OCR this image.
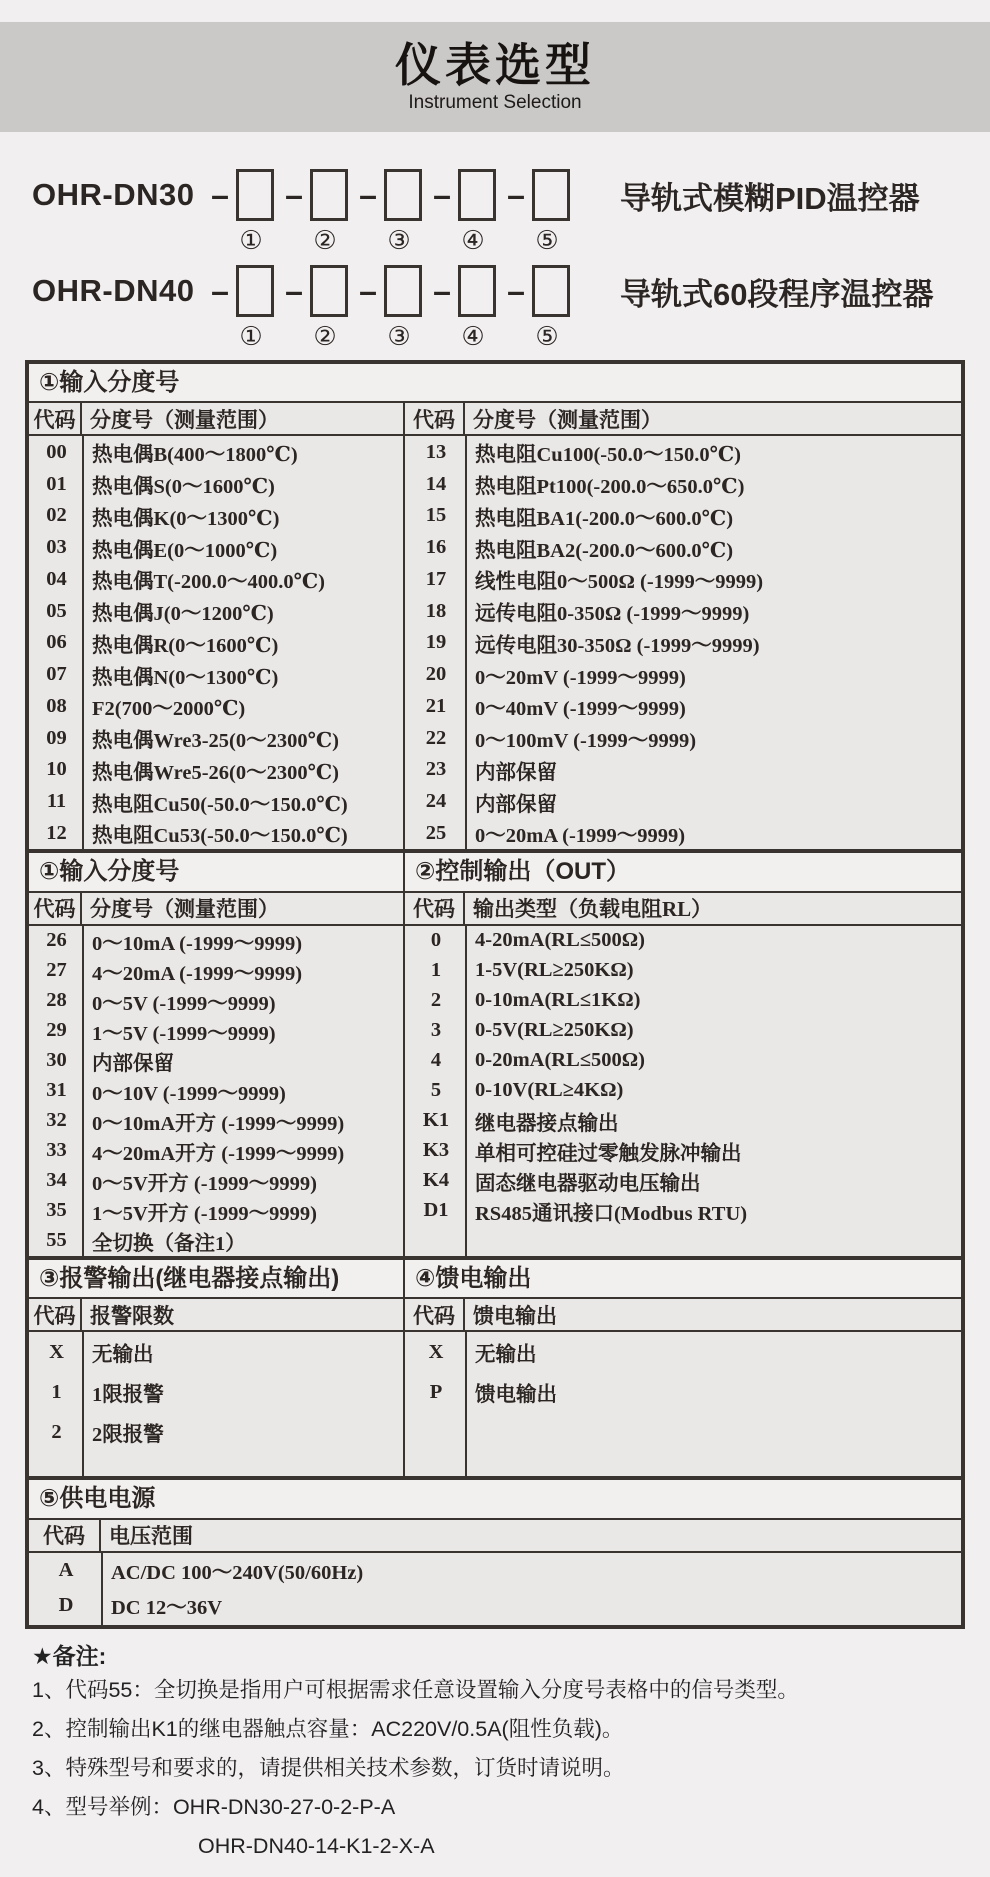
仪表选型
Instrument Selection
OHR-DN30 – – – – –	导轨式模糊PID温控器
①	②	③	④	⑤
OHR-DN40 – – – – –	导轨式60段程序温控器
①	②	③	④	⑤
①输入分度号
代码 分度号（测量范围）
00	热电偶B(400～1800℃)
01	热电偶S(0～1600℃)
02	热电偶K(0～1300℃)
03	热电偶E(0～1000℃)
04	热电偶T(-200.0～400.0℃)
05	热电偶J(0～1200℃)
06	热电偶R(0～1600℃)
07	热电偶N(0～1300℃)
08	F2(700～2000℃)
09	热电偶Wre3-25(0～2300℃)
10	热电偶Wre5-26(0～2300℃)
11	热电阻Cu50(-50.0～150.0℃)
12	热电阻Cu53(-50.0～150.0℃)
代码 分度号（测量范围）
13	热电阻Cu100(-50.0～150.0℃)
14	热电阻Pt100(-200.0～650.0℃)
15	热电阻BA1(-200.0～600.0℃)
16	热电阻BA2(-200.0～600.0℃)
17	线性电阻0～500Ω (-1999～9999)
18	远传电阻0-350Ω (-1999～9999)
19	远传电阻30-350Ω (-1999～9999)
20	0～20mV (-1999～9999)
21	0～40mV (-1999～9999)
22	0～100mV (-1999～9999)
23	内部保留
24	内部保留
25	0～20mA (-1999～9999)
①输入分度号
代码 分度号（测量范围）
26	0～10mA (-1999～9999)
27	4～20mA (-1999～9999)
28	0～5V (-1999～9999)
29	1～5V (-1999～9999)
30	内部保留
31	0～10V (-1999～9999)
32	0～10mA开方 (-1999～9999)
33	4～20mA开方 (-1999～9999)
34	0～5V开方 (-1999～9999)
35	1～5V开方 (-1999～9999)
55	全切换（备注1）
②控制输出（OUT）
代码 输出类型（负载电阻RL）
0	4-20mA(RL≤500Ω)
1	1-5V(RL≥250KΩ)
2	0-10mA(RL≤1KΩ)
3	0-5V(RL≥250KΩ)
4	0-20mA(RL≤500Ω)
5	0-10V(RL≥4KΩ)
K1	继电器接点输出
K3	单相可控硅过零触发脉冲输出
K4	固态继电器驱动电压输出
D1	RS485通讯接口(Modbus RTU)
③报警输出(继电器接点输出)
代码 报警限数
X	无输出
1	1限报警
2	2限报警
④馈电输出
代码 馈电输出
X	无输出
P	馈电输出
⑤供电电源
代码	电压范围
A	AC/DC 100～240V(50/60Hz)
D	DC 12～36V
★备注:
1、代码55：全切换是指用户可根据需求任意设置输入分度号表格中的信号类型。
2、控制输出K1的继电器触点容量：AC220V/0.5A(阻性负载)。
3、特殊型号和要求的，请提供相关技术参数，订货时请说明。
4、型号举例：OHR-DN30-27-0-2-P-A
OHR-DN40-14-K1-2-X-A
